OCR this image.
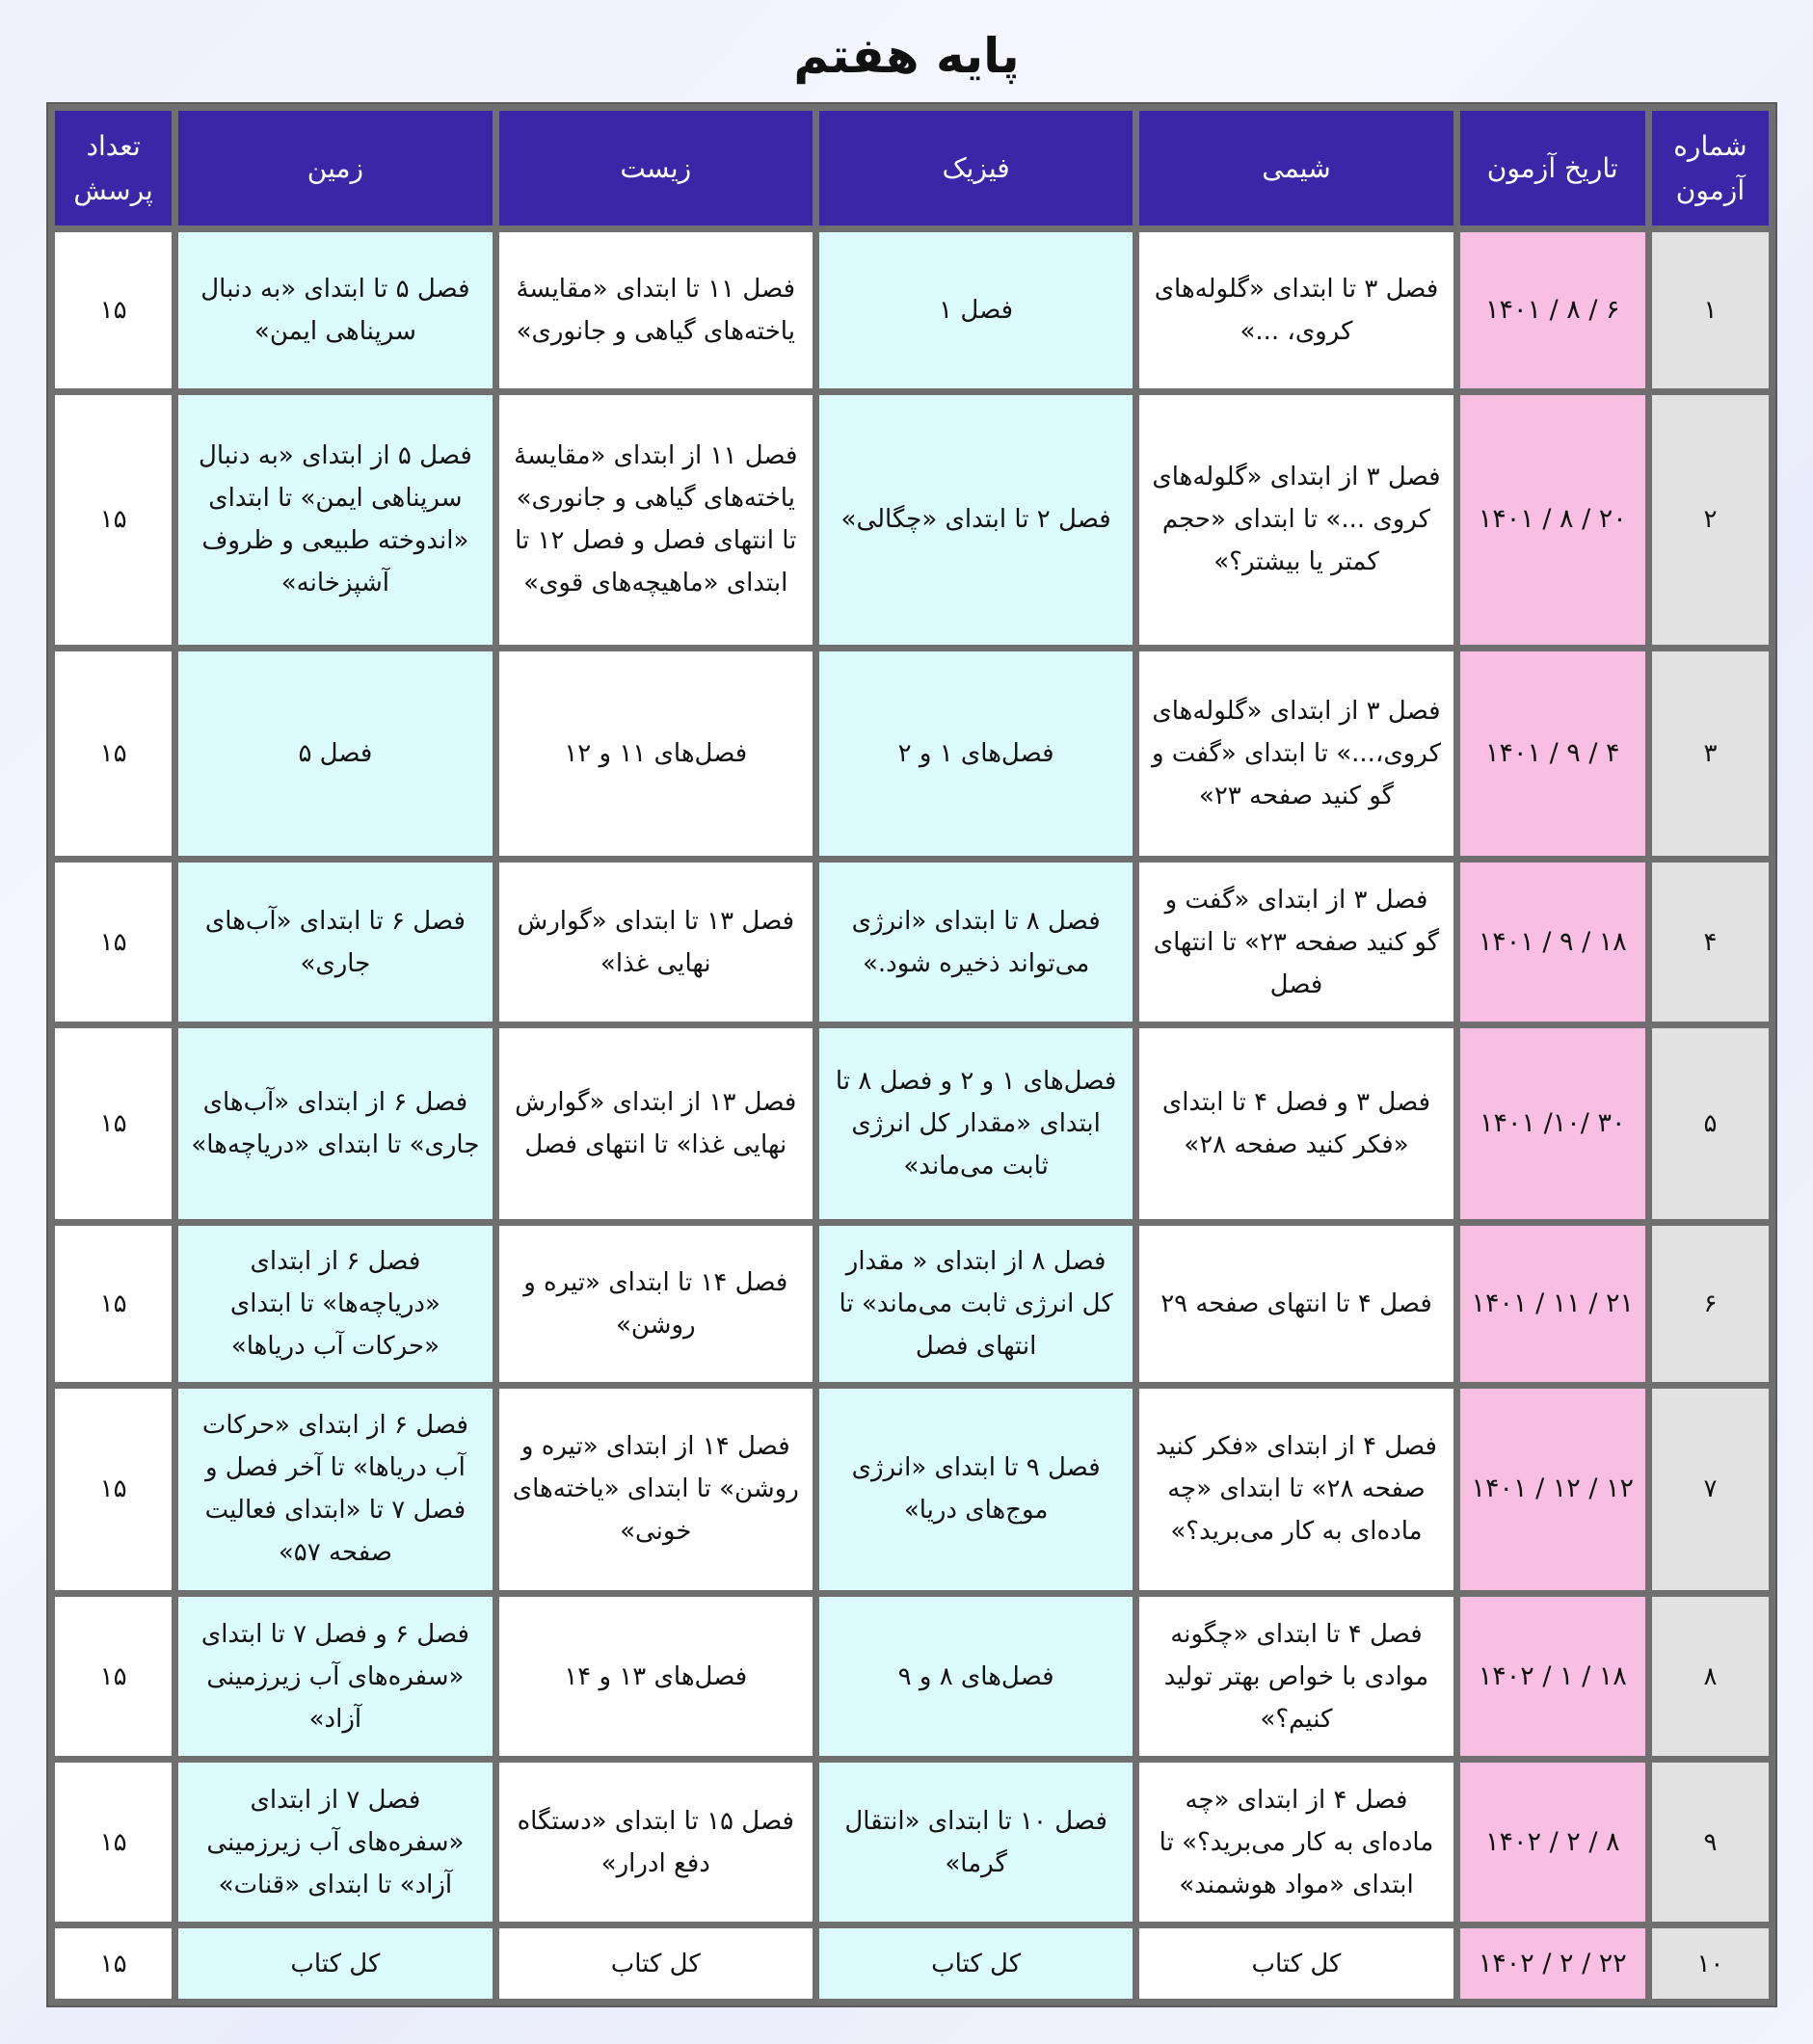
پایه هفتم
شماره آزمون	تاریخ آزمون	شیمی	فیزیک	زیست	زمین	تعداد پرسش
۱	۶ / ۸ / ۱۴۰۱	فصل ۳ تا ابتدای «گلوله‌های کروی، ...»	فصل ۱	فصل ۱۱ تا ابتدای «مقایسهٔ یاخته‌های گیاهی و جانوری»	فصل ۵ تا ابتدای «به دنبال سرپناهی ایمن»	۱۵
۲	۲۰ / ۸ / ۱۴۰۱	فصل ۳ از ابتدای «گلوله‌های کروی ...» تا ابتدای «حجم کمتر یا بیشتر؟»	فصل ۲ تا ابتدای «چگالی»	فصل ۱۱ از ابتدای «مقایسهٔ یاخته‌های گیاهی و جانوری» تا انتهای فصل و فصل ۱۲ تا ابتدای «ماهیچه‌های قوی»	فصل ۵ از ابتدای «به دنبال سرپناهی ایمن» تا ابتدای «اندوخته طبیعی و ظروف آشپزخانه»	۱۵
۳	۴ / ۹ / ۱۴۰۱	فصل ۳ از ابتدای «گلوله‌های کروی،...» تا ابتدای «گفت و گو کنید صفحه ۲۳»	فصل‌های ۱ و ۲	فصل‌های ۱۱ و ۱۲	فصل ۵	۱۵
۴	۱۸ / ۹ / ۱۴۰۱	فصل ۳ از ابتدای «گفت و گو کنید صفحه ۲۳» تا انتهای فصل	فصل ۸ تا ابتدای «انرژی می‌تواند ذخیره شود.»	فصل ۱۳ تا ابتدای «گوارش نهایی غذا»	فصل ۶ تا ابتدای «آب‌های جاری»	۱۵
۵	۳۰ /۱۰/ ۱۴۰۱	فصل ۳ و فصل ۴ تا ابتدای «فکر کنید صفحه ۲۸»	فصل‌های ۱ و ۲ و فصل ۸ تا ابتدای «مقدار کل انرژی ثابت می‌ماند»	فصل ۱۳ از ابتدای «گوارش نهایی غذا» تا انتهای فصل	فصل ۶ از ابتدای «آب‌های جاری» تا ابتدای «دریاچه‌ها»	۱۵
۶	۲۱ / ۱۱ / ۱۴۰۱	فصل ۴ تا انتهای صفحه ۲۹	فصل ۸ از ابتدای « مقدار کل انرژی ثابت می‌ماند» تا انتهای فصل	فصل ۱۴ تا ابتدای «تیره و روشن»	فصل ۶ از ابتدای «دریاچه‌ها» تا ابتدای «حرکات آب دریاها»	۱۵
۷	۱۲ / ۱۲ / ۱۴۰۱	فصل ۴ از ابتدای «فکر کنید صفحه ۲۸» تا ابتدای «چه ماده‌ای به کار می‌برید؟»	فصل ۹ تا ابتدای «انرژی موج‌های دریا»	فصل ۱۴ از ابتدای «تیره و روشن» تا ابتدای «یاخته‌های خونی»	فصل ۶ از ابتدای «حرکات آب دریاها» تا آخر فصل و فصل ۷ تا «ابتدای فعالیت صفحه ۵۷»	۱۵
۸	۱۸ / ۱ / ۱۴۰۲	فصل ۴ تا ابتدای «چگونه موادی با خواص بهتر تولید کنیم؟»	فصل‌های ۸ و ۹	فصل‌های ۱۳ و ۱۴	فصل ۶ و فصل ۷ تا ابتدای «سفره‌های آب زیرزمینی آزاد»	۱۵
۹	۸ / ۲ / ۱۴۰۲	فصل ۴ از ابتدای «چه ماده‌ای به کار می‌برید؟» تا ابتدای «مواد هوشمند»	فصل ۱۰ تا ابتدای «انتقال گرما»	فصل ۱۵ تا ابتدای «دستگاه دفع ادرار»	فصل ۷ از ابتدای «سفره‌های آب زیرزمینی آزاد» تا ابتدای «قنات»	۱۵
۱۰	۲۲ / ۲ / ۱۴۰۲	کل کتاب	کل کتاب	کل کتاب	کل کتاب	۱۵
